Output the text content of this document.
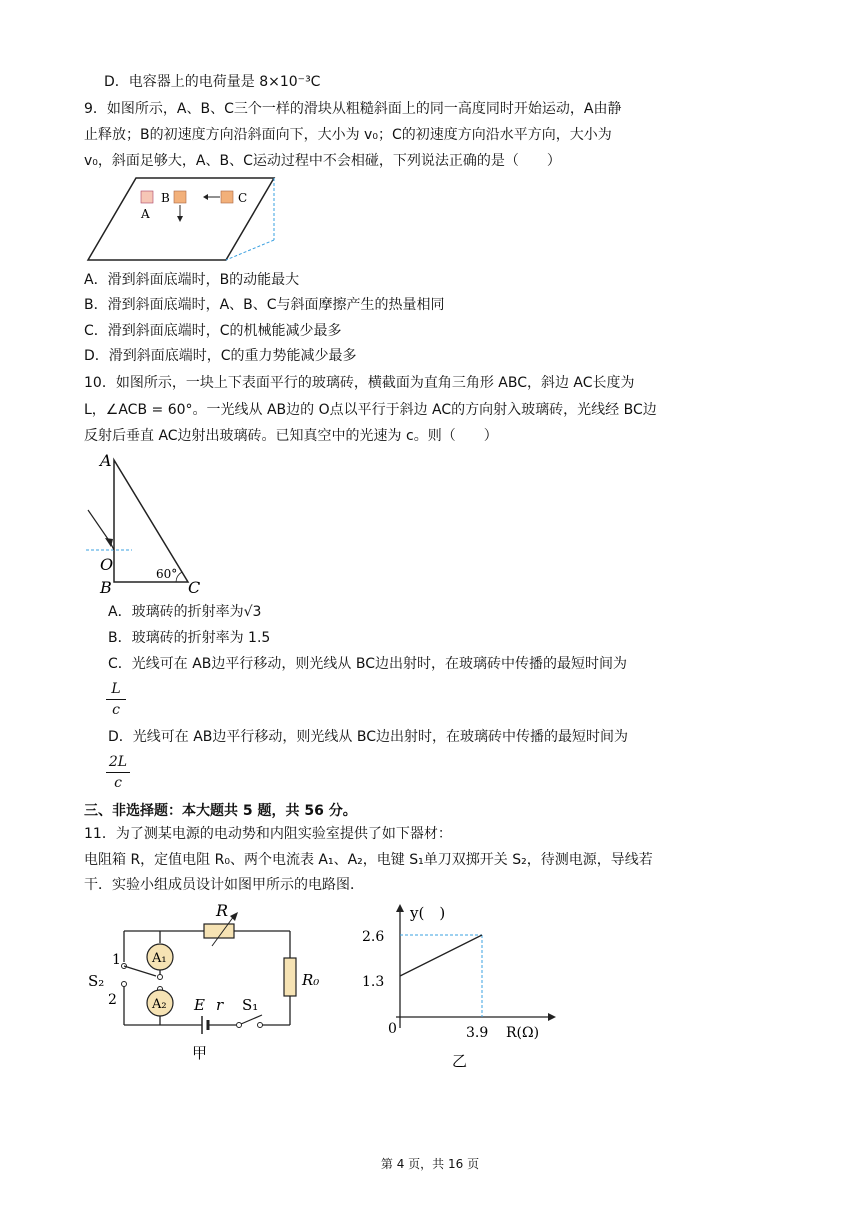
D．电容器上的电荷量是 8×10⁻³C
9．如图所示，A、B、C三个一样的滑块从粗糙斜面上的同一高度同时开始运动，A由静
止释放；B的初速度方向沿斜面向下，大小为 v₀；C的初速度方向沿水平方向，大小为
v₀，斜面足够大，A、B、C运动过程中不会相碰，下列说法正确的是（　　）
A
B	C
A．滑到斜面底端时，B的动能最大
B．滑到斜面底端时，A、B、C与斜面摩擦产生的热量相同
C．滑到斜面底端时，C的机械能减少最多
D．滑到斜面底端时，C的重力势能减少最多
10．如图所示，一块上下表面平行的玻璃砖，横截面为直角三角形 ABC，斜边 AC长度为
L，∠ACB = 60°。一光线从 AB边的 O点以平行于斜边 AC的方向射入玻璃砖，光线经 BC边
反射后垂直 AC边射出玻璃砖。已知真空中的光速为 c。则（　　）
A
B	C
O	60°
A．玻璃砖的折射率为√3
B．玻璃砖的折射率为 1.5
C．光线可在 AB边平行移动，则光线从 BC边出射时，在玻璃砖中传播的最短时间为
L
c
D．光线可在 AB边平行移动，则光线从 BC边出射时，在玻璃砖中传播的最短时间为
2L
c
三、非选择题：本大题共 5 题，共 56 分。
11．为了测某电源的电动势和内阻实验室提供了如下器材：
电阻箱 R，定值电阻 R₀、两个电流表 A₁、A₂，电键 S₁单刀双掷开关 S₂，待测电源，导线若
干．实验小组成员设计如图甲所示的电路图．
R
R₀
A₁
A₂
1
2
S₂
E r S₁
甲
y(　)
R(Ω)
0
2.6
1.3
3.9
乙
第 4 页，共 16 页
